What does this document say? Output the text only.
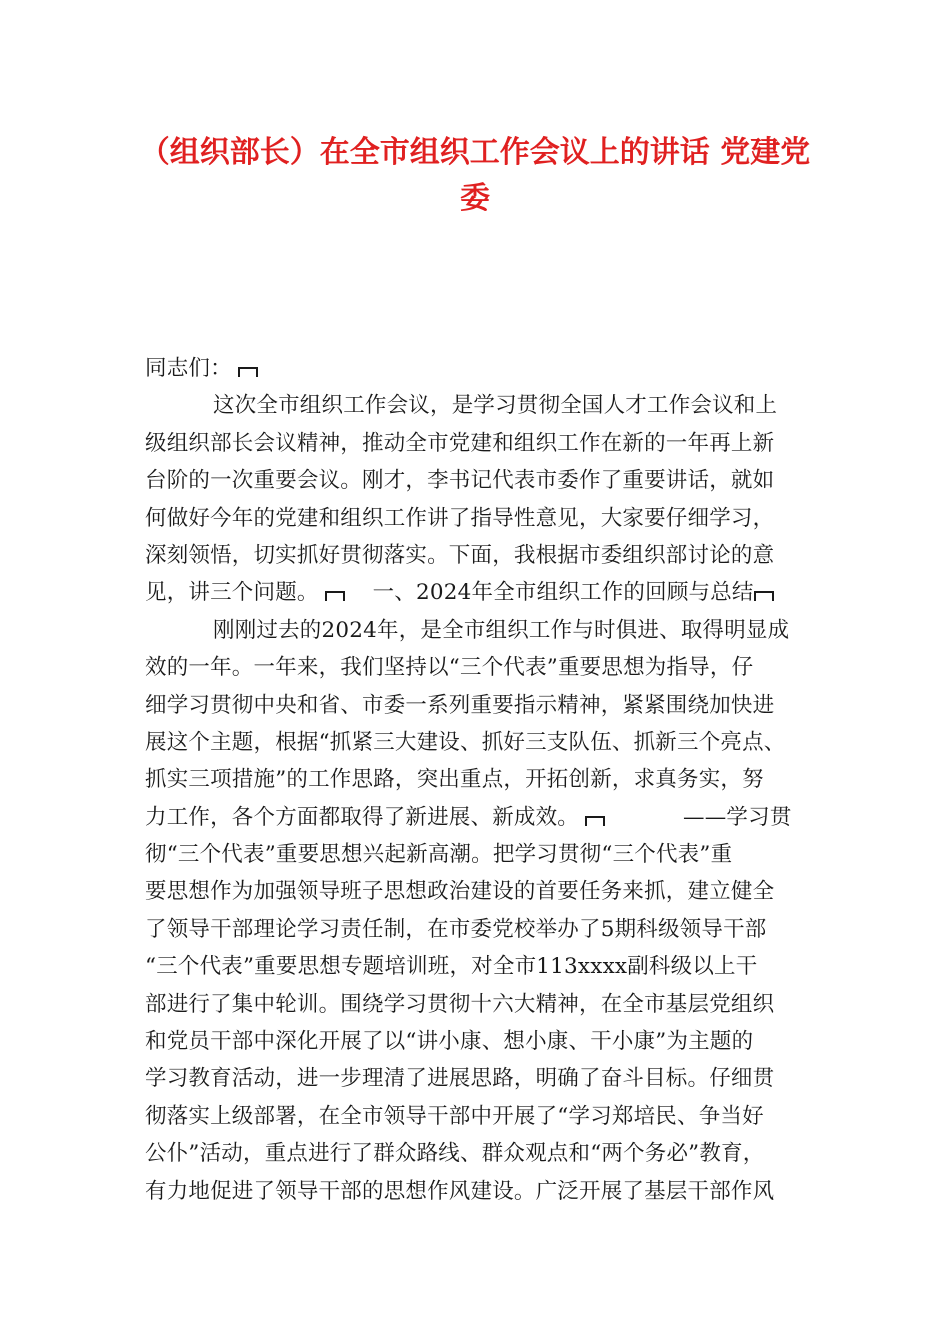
（组织部长）在全市组织工作会议上的讲话 党建党
委
同志们：
这次全市组织工作会议，是学习贯彻全国人才工作会议和上
级组织部长会议精神，推动全市党建和组织工作在新的一年再上新
台阶的一次重要会议。刚才，李书记代表市委作了重要讲话，就如
何做好今年的党建和组织工作讲了指导性意见，大家要仔细学习，
深刻领悟，切实抓好贯彻落实。下面，我根据市委组织部讨论的意
见，讲三个问题。	一、2024年全市组织工作的回顾与总结
刚刚过去的2024年，是全市组织工作与时俱进、取得明显成
效的一年。一年来，我们坚持以“三个代表”重要思想为指导，仔
细学习贯彻中央和省、市委一系列重要指示精神，紧紧围绕加快进
展这个主题，根据“抓紧三大建设、抓好三支队伍、抓新三个亮点、
抓实三项措施”的工作思路，突出重点，开拓创新，求真务实，努
力工作，各个方面都取得了新进展、新成效。	——学习贯
彻“三个代表”重要思想兴起新高潮。把学习贯彻“三个代表”重
要思想作为加强领导班子思想政治建设的首要任务来抓，建立健全
了领导干部理论学习责任制，在市委党校举办了5期科级领导干部
“三个代表”重要思想专题培训班，对全市113xxxx副科级以上干
部进行了集中轮训。围绕学习贯彻十六大精神，在全市基层党组织
和党员干部中深化开展了以“讲小康、想小康、干小康”为主题的
学习教育活动，进一步理清了进展思路，明确了奋斗目标。仔细贯
彻落实上级部署，在全市领导干部中开展了“学习郑培民、争当好
公仆”活动，重点进行了群众路线、群众观点和“两个务必”教育，
有力地促进了领导干部的思想作风建设。广泛开展了基层干部作风
